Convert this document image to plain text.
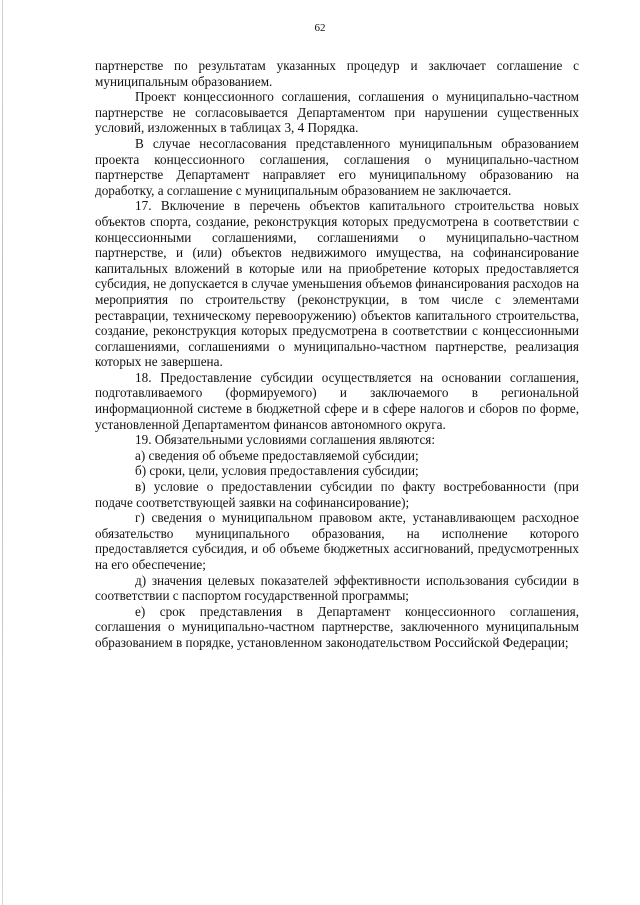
62

партнерстве по результатам указанных процедур и заключает соглашение с муниципальным образованием.

Проект концессионного соглашения, соглашения о муниципально-частном партнерстве не согласовывается Департаментом при нарушении существенных условий, изложенных в таблицах 3, 4 Порядка.

В случае несогласования представленного муниципальным образованием проекта концессионного соглашения, соглашения о муниципально-частном партнерстве Департамент направляет его муниципальному образованию на доработку, а соглашение с муниципальным образованием не заключается.

17. Включение в перечень объектов капитального строительства новых объектов спорта, создание, реконструкция которых предусмотрена в соответствии с концессионными соглашениями, соглашениями о муниципально-частном партнерстве, и (или) объектов недвижимого имущества, на софинансирование капитальных вложений в которые или на приобретение которых предоставляется субсидия, не допускается в случае уменьшения объемов финансирования расходов на мероприятия по строительству (реконструкции, в том числе с элементами реставрации, техническому перевооружению) объектов капитального строительства, создание, реконструкция которых предусмотрена в соответствии с концессионными соглашениями, соглашениями о муниципально-частном партнерстве, реализация которых не завершена.

18. Предоставление субсидии осуществляется на основании соглашения, подготавливаемого (формируемого) и заключаемого в региональной информационной системе в бюджетной сфере и в сфере налогов и сборов по форме, установленной Департаментом финансов автономного округа.

19. Обязательными условиями соглашения являются:

а) сведения об объеме предоставляемой субсидии;

б) сроки, цели, условия предоставления субсидии;

в) условие о предоставлении субсидии по факту востребованности (при подаче соответствующей заявки на софинансирование);

г) сведения о муниципальном правовом акте, устанавливающем расходное обязательство муниципального образования, на исполнение которого предоставляется субсидия, и об объеме бюджетных ассигнований, предусмотренных на его обеспечение;

д) значения целевых показателей эффективности использования субсидии в соответствии с паспортом государственной программы;

е) срок представления в Департамент концессионного соглашения, соглашения о муниципально-частном партнерстве, заключенного муниципальным образованием в порядке, установленном законодательством Российской Федерации;
